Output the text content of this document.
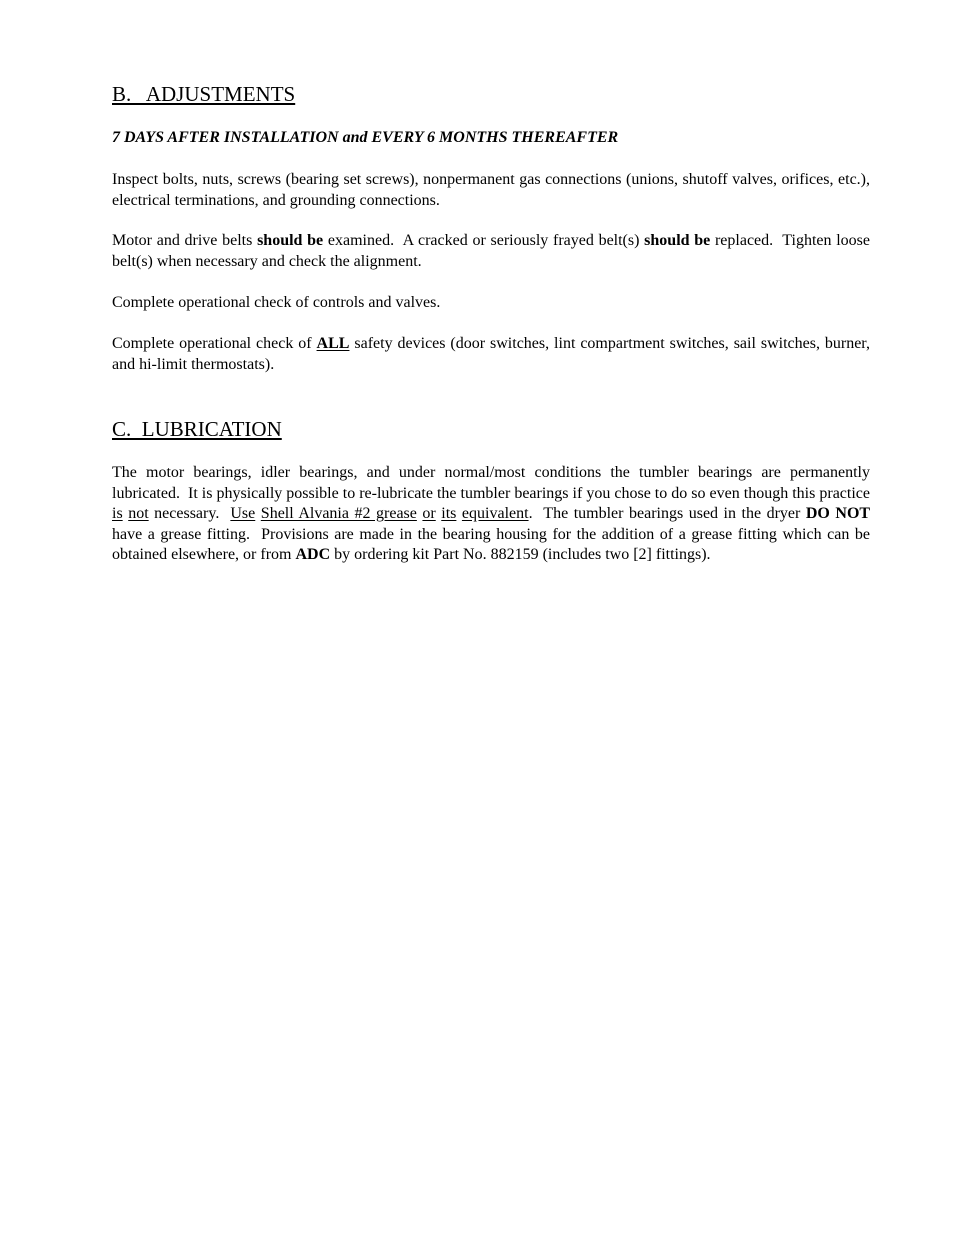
B.   ADJUSTMENTS

7 DAYS AFTER INSTALLATION and EVERY 6 MONTHS THEREAFTER

Inspect bolts, nuts, screws (bearing set screws), nonpermanent gas connections (unions, shutoff valves, orifices, etc.), electrical terminations, and grounding connections.

Motor and drive belts should be examined.  A cracked or seriously frayed belt(s) should be replaced.  Tighten loose belt(s) when necessary and check the alignment.

Complete operational check of controls and valves.

Complete operational check of ALL safety devices (door switches, lint compartment switches, sail switches, burner, and hi-limit thermostats).

C.  LUBRICATION

The motor bearings, idler bearings, and under normal/most conditions the tumbler bearings are permanently lubricated.  It is physically possible to re-lubricate the tumbler bearings if you chose to do so even though this practice is not necessary.  Use Shell Alvania #2 grease or its equivalent.  The tumbler bearings used in the dryer DO NOT have a grease fitting.  Provisions are made in the bearing housing for the addition of a grease fitting which can be obtained elsewhere, or from ADC by ordering kit Part No. 882159 (includes two [2] fittings).
